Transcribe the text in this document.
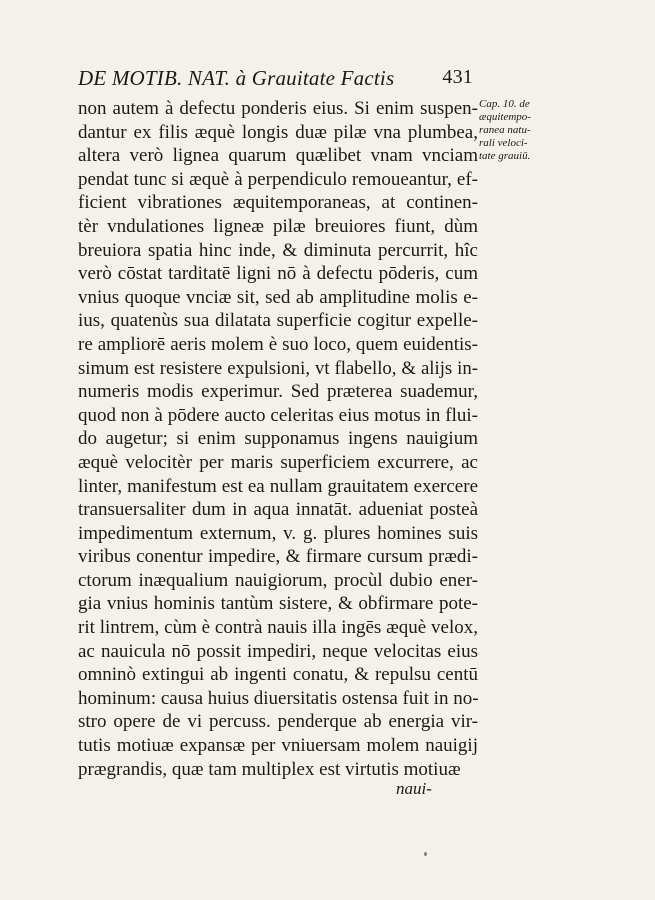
DE MOTIB. NAT. à Grauitate Factis 431
non autem à defectu ponderis eius. Si enim suspen-
dantur ex filis æquè longis duæ pilæ vna plumbea,
altera verò lignea quarum quælibet vnam vnciam
pendat tunc si æquè à perpendiculo remoueantur, ef-
ficient vibrationes æquitemporaneas, at continen-
tèr vndulationes ligneæ pilæ breuiores fiunt, dùm
breuiora spatia hinc inde, & diminuta percurrit, hîc
verò cōstat tarditatē ligni nō à defectu pōderis, cum
vnius quoque vnciæ sit, sed ab amplitudine molis e-
ius, quatenùs sua dilatata superficie cogitur expelle-
re ampliorē aeris molem è suo loco, quem euidentis-
simum est resistere expulsioni, vt flabello, & alijs in-
numeris modis experimur. Sed præterea suademur,
quod non à pōdere aucto celeritas eius motus in flui-
do augetur; si enim supponamus ingens nauigium
æquè velocitèr per maris superficiem excurrere, ac
linter, manifestum est ea nullam grauitatem exercere
transuersaliter dum in aqua innatāt. adueniat posteà
impedimentum externum, v. g. plures homines suis
viribus conentur impedire, & firmare cursum prædi-
ctorum inæqualium nauigiorum, procùl dubio ener-
gia vnius hominis tantùm sistere, & obfirmare pote-
rit lintrem, cùm è contrà nauis illa ingēs æquè velox,
ac nauicula nō possit impediri, neque velocitas eius
omninò extingui ab ingenti conatu, & repulsu centū
hominum: causa huius diuersitatis ostensa fuit in no-
stro opere de vi percuss. penderque ab energia vir-
tutis motiuæ expansæ per vniuersam molem nauigij
prægrandis, quæ tam multiplex est virtutis motiuæ
naui-
Cap. 10. de
æquitempo-
ranea natu-
rali veloci-
tate grauiū.
